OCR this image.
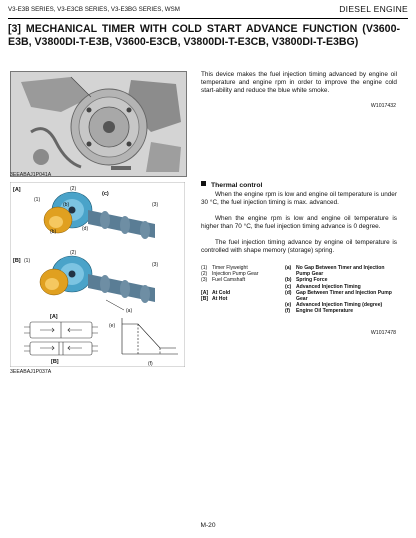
V3-E3B SERIES, V3-E3CB SERIES, V3-E3BG SERIES, WSM	DIESEL ENGINE
[3] MECHANICAL TIMER WITH COLD START ADVANCE FUNCTION (V3600-E3B, V3800DI-T-E3B, V3600-E3CB, V3800DI-T-E3CB, V3800DI-T-E3BG)
3EEABAJ1P041A
This device makes the fuel injection timing advanced by engine oil temperature and engine rpm in order to improve the engine cold start-ability and reduce the blue white smoke.
W1017432
[A]
(1)
(2)
(3)
(b)
(b)
(c)
(d)
[B] (1)
(2)
(3)
(a)
[A]
[B]
(e)
(f)
3EEABAJ1P037A
Thermal control
When the engine rpm is low and engine oil temperature is under 30 °C, the fuel injection timing is max. advanced.
When the engine rpm is low and engine oil temperature is higher than 70 °C, the fuel injection timing advance is 0 degree.
The fuel injection timing advance by engine oil temperature is controlled with shape memory (storage) spring.
(1) Timer Flyweight
(2) Injection Pump Gear
(3) Fuel Camshaft
[A] At Cold
[B] At Hot
(a) No Gap Between Timer and Injection Pump Gear
(b) Spring Force
(c) Advanced Injection Timing
(d) Gap Between Timer and Injection Pump Gear
(e) Advanced Injection Timing (degree)
(f)	Engine Oil Temperature
W1017478
M-20
